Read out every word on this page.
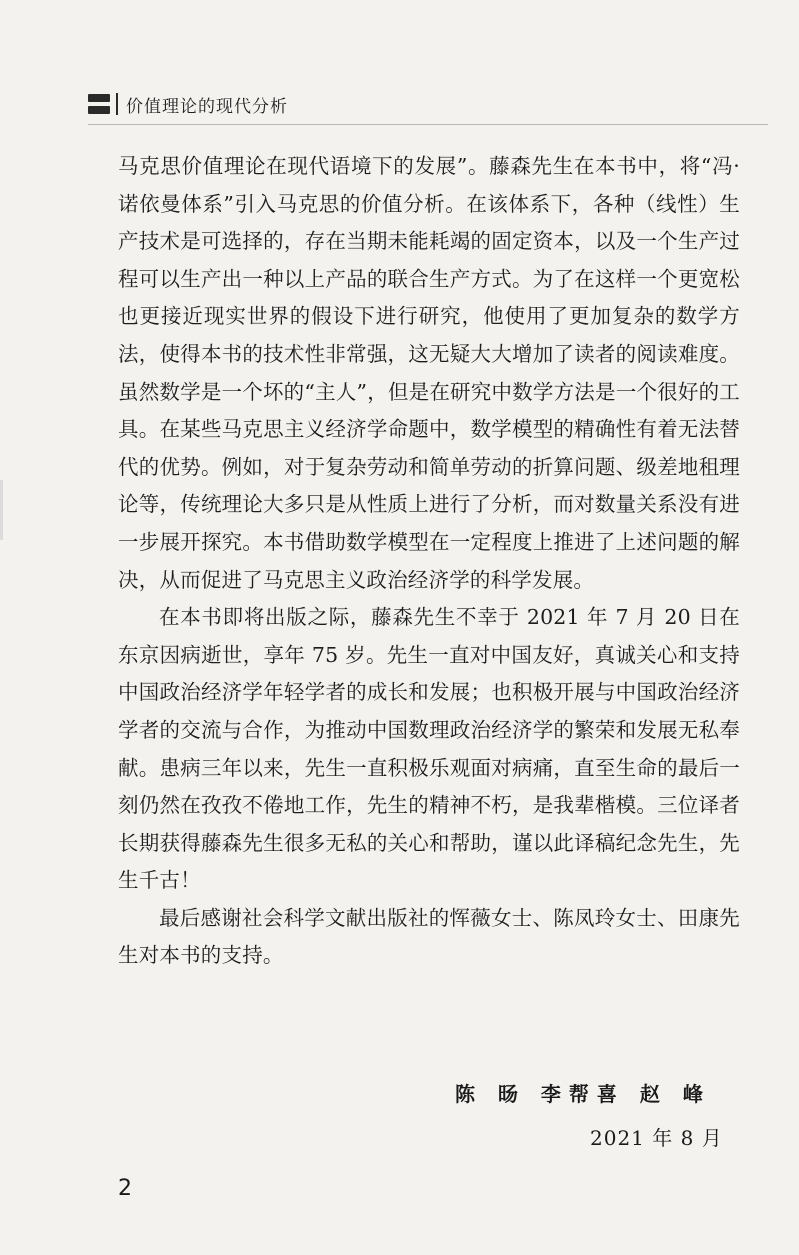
价值理论的现代分析

马克思价值理论在现代语境下的发展”。藤森先生在本书中，将“冯·诺依曼体系”引入马克思的价值分析。在该体系下，各种（线性）生产技术是可选择的，存在当期未能耗竭的固定资本，以及一个生产过程可以生产出一种以上产品的联合生产方式。为了在这样一个更宽松也更接近现实世界的假设下进行研究，他使用了更加复杂的数学方法，使得本书的技术性非常强，这无疑大大增加了读者的阅读难度。虽然数学是一个坏的“主人”，但是在研究中数学方法是一个很好的工具。在某些马克思主义经济学命题中，数学模型的精确性有着无法替代的优势。例如，对于复杂劳动和简单劳动的折算问题、级差地租理论等，传统理论大多只是从性质上进行了分析，而对数量关系没有进一步展开探究。本书借助数学模型在一定程度上推进了上述问题的解决，从而促进了马克思主义政治经济学的科学发展。

在本书即将出版之际，藤森先生不幸于 2021 年 7 月 20 日在东京因病逝世，享年 75 岁。先生一直对中国友好，真诚关心和支持中国政治经济学年轻学者的成长和发展；也积极开展与中国政治经济学者的交流与合作，为推动中国数理政治经济学的繁荣和发展无私奉献。患病三年以来，先生一直积极乐观面对病痛，直至生命的最后一刻仍然在孜孜不倦地工作，先生的精神不朽，是我辈楷模。三位译者长期获得藤森先生很多无私的关心和帮助，谨以此译稿纪念先生，先生千古！

最后感谢社会科学文献出版社的恽薇女士、陈凤玲女士、田康先生对本书的支持。

陈 旸 李帮喜 赵 峰
2021 年 8 月
2
